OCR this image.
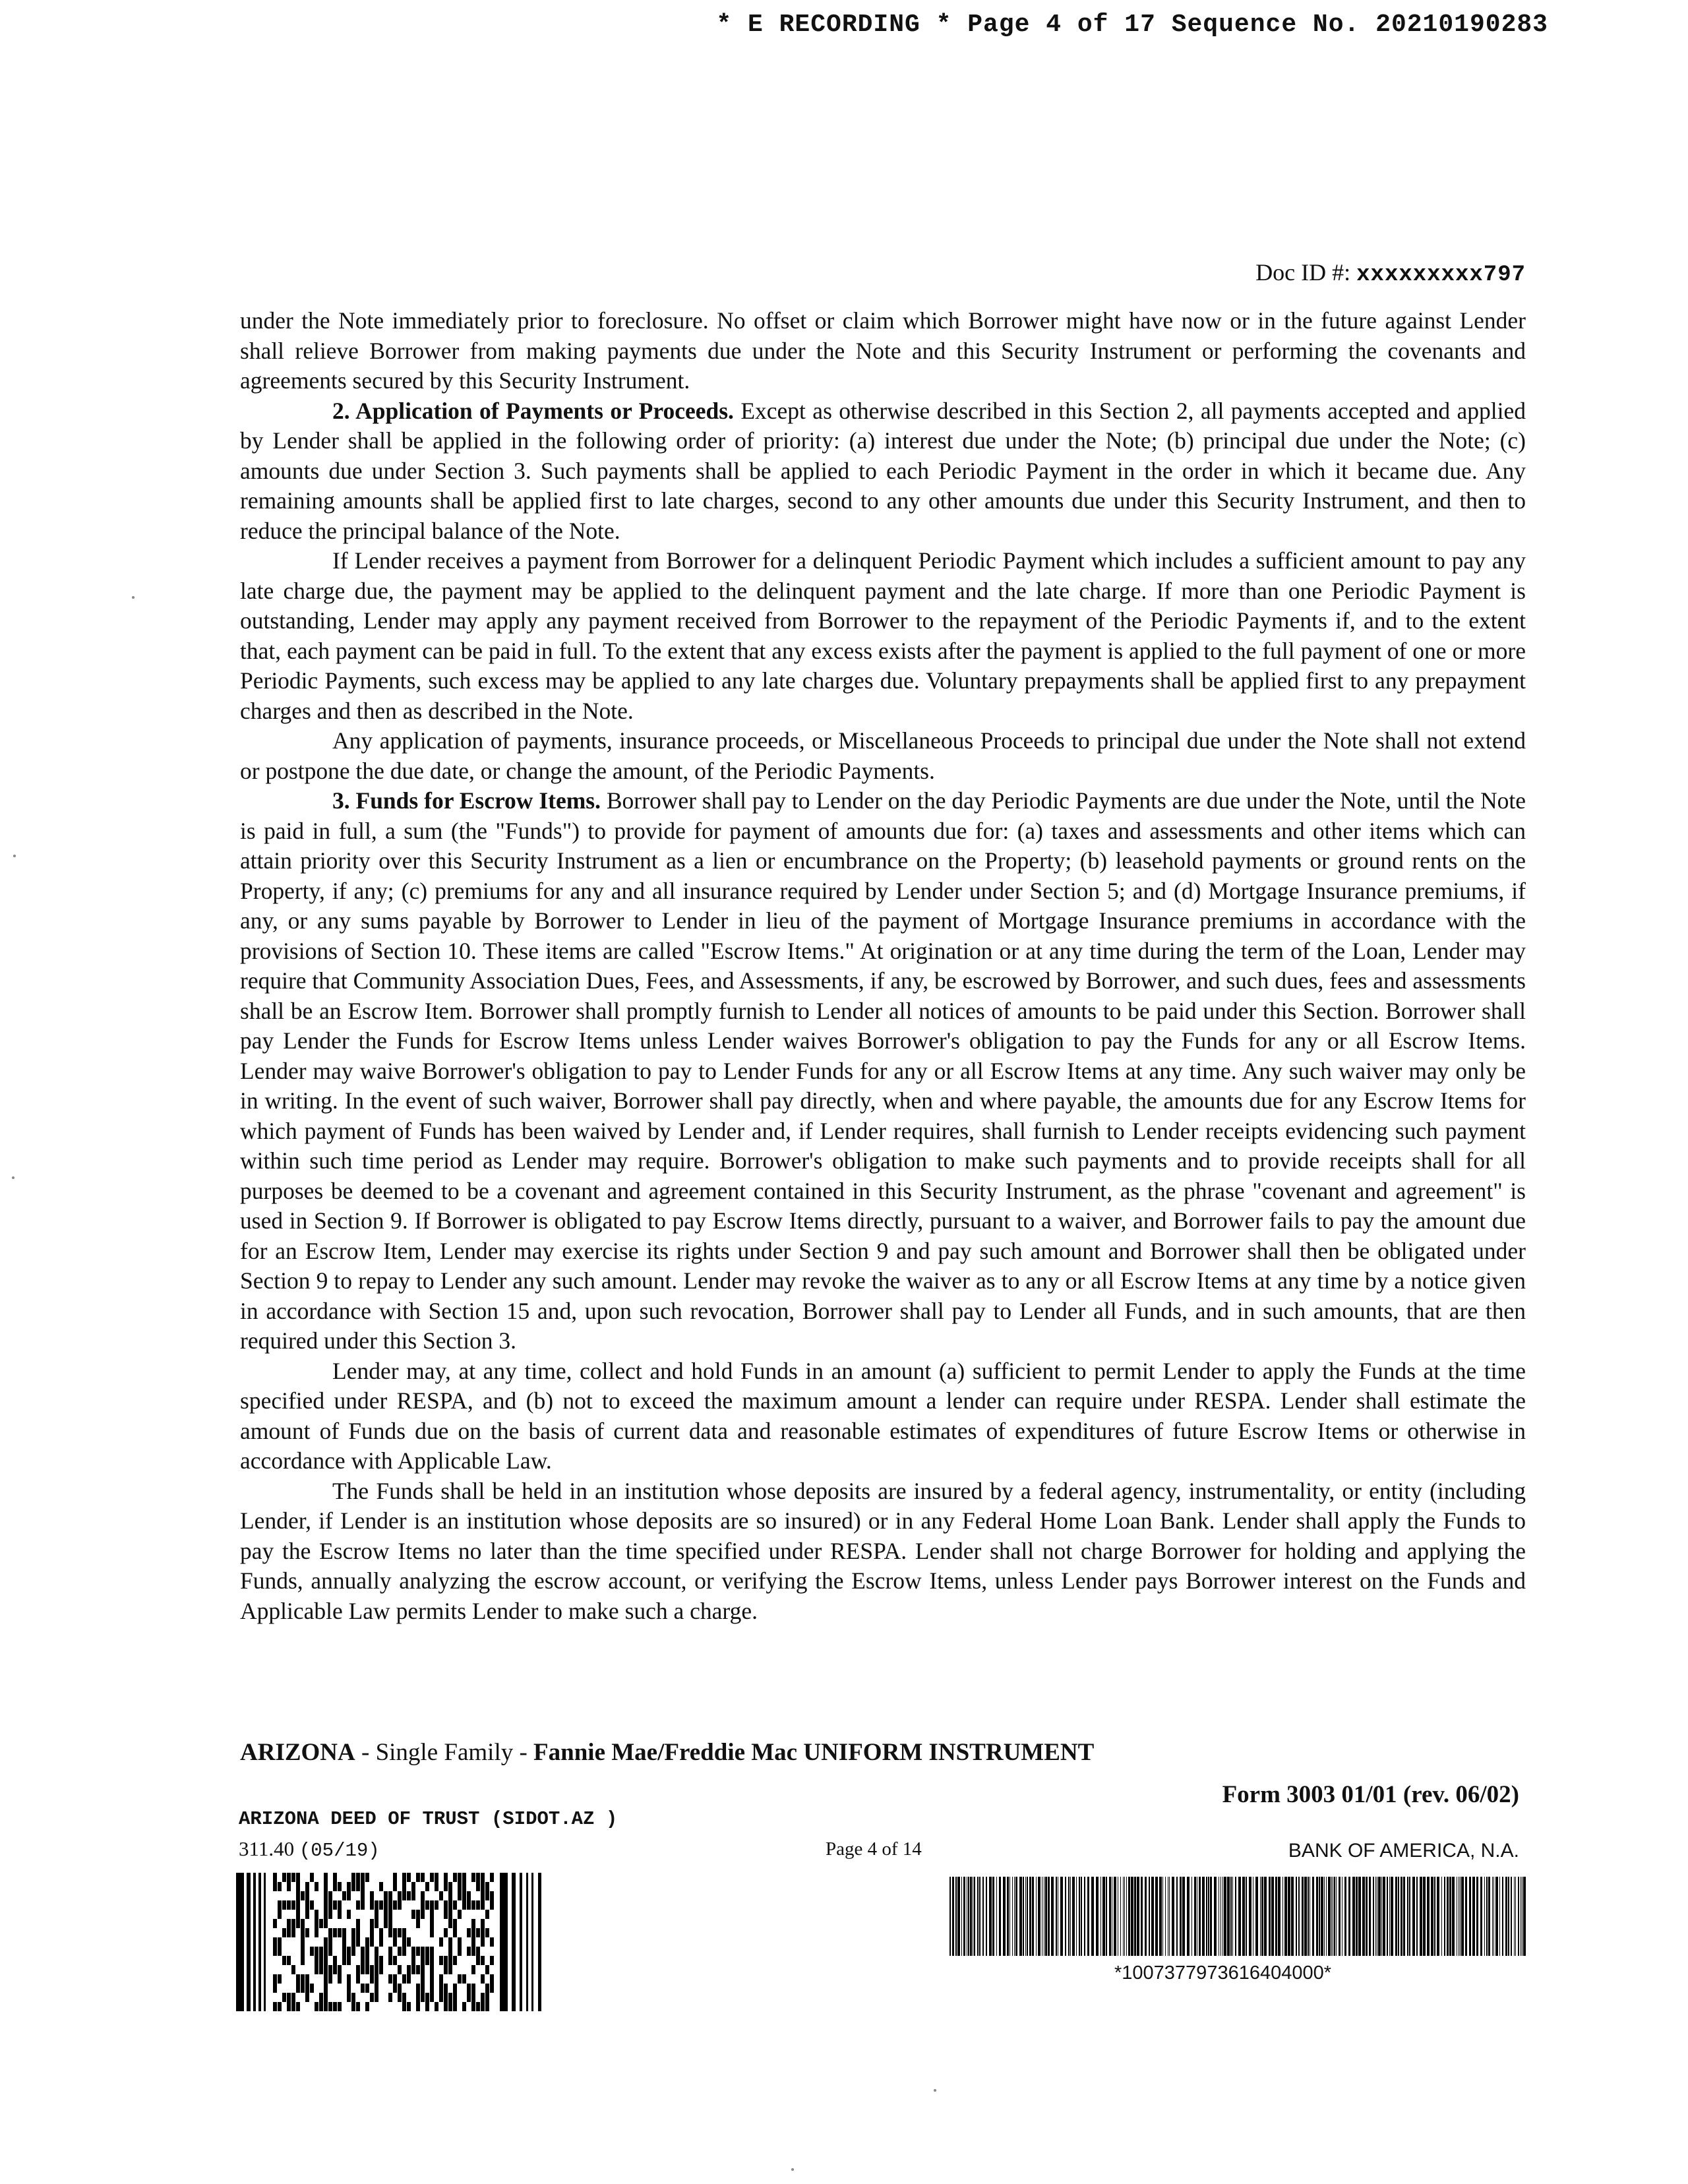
* E RECORDING * Page 4 of 17 Sequence No. 20210190283
Doc ID #: xxxxxxxxx797

under the Note immediately prior to foreclosure. No offset or claim which Borrower might have now or in the future against Lender shall relieve Borrower from making payments due under the Note and this Security Instrument or performing the covenants and agreements secured by this Security Instrument.

2. Application of Payments or Proceeds. Except as otherwise described in this Section 2, all payments accepted and applied by Lender shall be applied in the following order of priority: (a) interest due under the Note; (b) principal due under the Note; (c) amounts due under Section 3. Such payments shall be applied to each Periodic Payment in the order in which it became due. Any remaining amounts shall be applied first to late charges, second to any other amounts due under this Security Instrument, and then to reduce the principal balance of the Note.

If Lender receives a payment from Borrower for a delinquent Periodic Payment which includes a sufficient amount to pay any late charge due, the payment may be applied to the delinquent payment and the late charge. If more than one Periodic Payment is outstanding, Lender may apply any payment received from Borrower to the repayment of the Periodic Payments if, and to the extent that, each payment can be paid in full. To the extent that any excess exists after the payment is applied to the full payment of one or more Periodic Payments, such excess may be applied to any late charges due. Voluntary prepayments shall be applied first to any prepayment charges and then as described in the Note.

Any application of payments, insurance proceeds, or Miscellaneous Proceeds to principal due under the Note shall not extend or postpone the due date, or change the amount, of the Periodic Payments.

3. Funds for Escrow Items. Borrower shall pay to Lender on the day Periodic Payments are due under the Note, until the Note is paid in full, a sum (the "Funds") to provide for payment of amounts due for: (a) taxes and assessments and other items which can attain priority over this Security Instrument as a lien or encumbrance on the Property; (b) leasehold payments or ground rents on the Property, if any; (c) premiums for any and all insurance required by Lender under Section 5; and (d) Mortgage Insurance premiums, if any, or any sums payable by Borrower to Lender in lieu of the payment of Mortgage Insurance premiums in accordance with the provisions of Section 10. These items are called "Escrow Items." At origination or at any time during the term of the Loan, Lender may require that Community Association Dues, Fees, and Assessments, if any, be escrowed by Borrower, and such dues, fees and assessments shall be an Escrow Item. Borrower shall promptly furnish to Lender all notices of amounts to be paid under this Section. Borrower shall pay Lender the Funds for Escrow Items unless Lender waives Borrower's obligation to pay the Funds for any or all Escrow Items. Lender may waive Borrower's obligation to pay to Lender Funds for any or all Escrow Items at any time. Any such waiver may only be in writing. In the event of such waiver, Borrower shall pay directly, when and where payable, the amounts due for any Escrow Items for which payment of Funds has been waived by Lender and, if Lender requires, shall furnish to Lender receipts evidencing such payment within such time period as Lender may require. Borrower's obligation to make such payments and to provide receipts shall for all purposes be deemed to be a covenant and agreement contained in this Security Instrument, as the phrase "covenant and agreement" is used in Section 9. If Borrower is obligated to pay Escrow Items directly, pursuant to a waiver, and Borrower fails to pay the amount due for an Escrow Item, Lender may exercise its rights under Section 9 and pay such amount and Borrower shall then be obligated under Section 9 to repay to Lender any such amount. Lender may revoke the waiver as to any or all Escrow Items at any time by a notice given in accordance with Section 15 and, upon such revocation, Borrower shall pay to Lender all Funds, and in such amounts, that are then required under this Section 3.

Lender may, at any time, collect and hold Funds in an amount (a) sufficient to permit Lender to apply the Funds at the time specified under RESPA, and (b) not to exceed the maximum amount a lender can require under RESPA. Lender shall estimate the amount of Funds due on the basis of current data and reasonable estimates of expenditures of future Escrow Items or otherwise in accordance with Applicable Law.

The Funds shall be held in an institution whose deposits are insured by a federal agency, instrumentality, or entity (including Lender, if Lender is an institution whose deposits are so insured) or in any Federal Home Loan Bank. Lender shall apply the Funds to pay the Escrow Items no later than the time specified under RESPA. Lender shall not charge Borrower for holding and applying the Funds, annually analyzing the escrow account, or verifying the Escrow Items, unless Lender pays Borrower interest on the Funds and Applicable Law permits Lender to make such a charge.

ARIZONA - Single Family - Fannie Mae/Freddie Mac UNIFORM INSTRUMENT
Form 3003 01/01 (rev. 06/02)
ARIZONA DEED OF TRUST (SIDOT.AZ )
311.40 (05/19)	Page 4 of 14	BANK OF AMERICA, N.A.
*1007377973616404000*
